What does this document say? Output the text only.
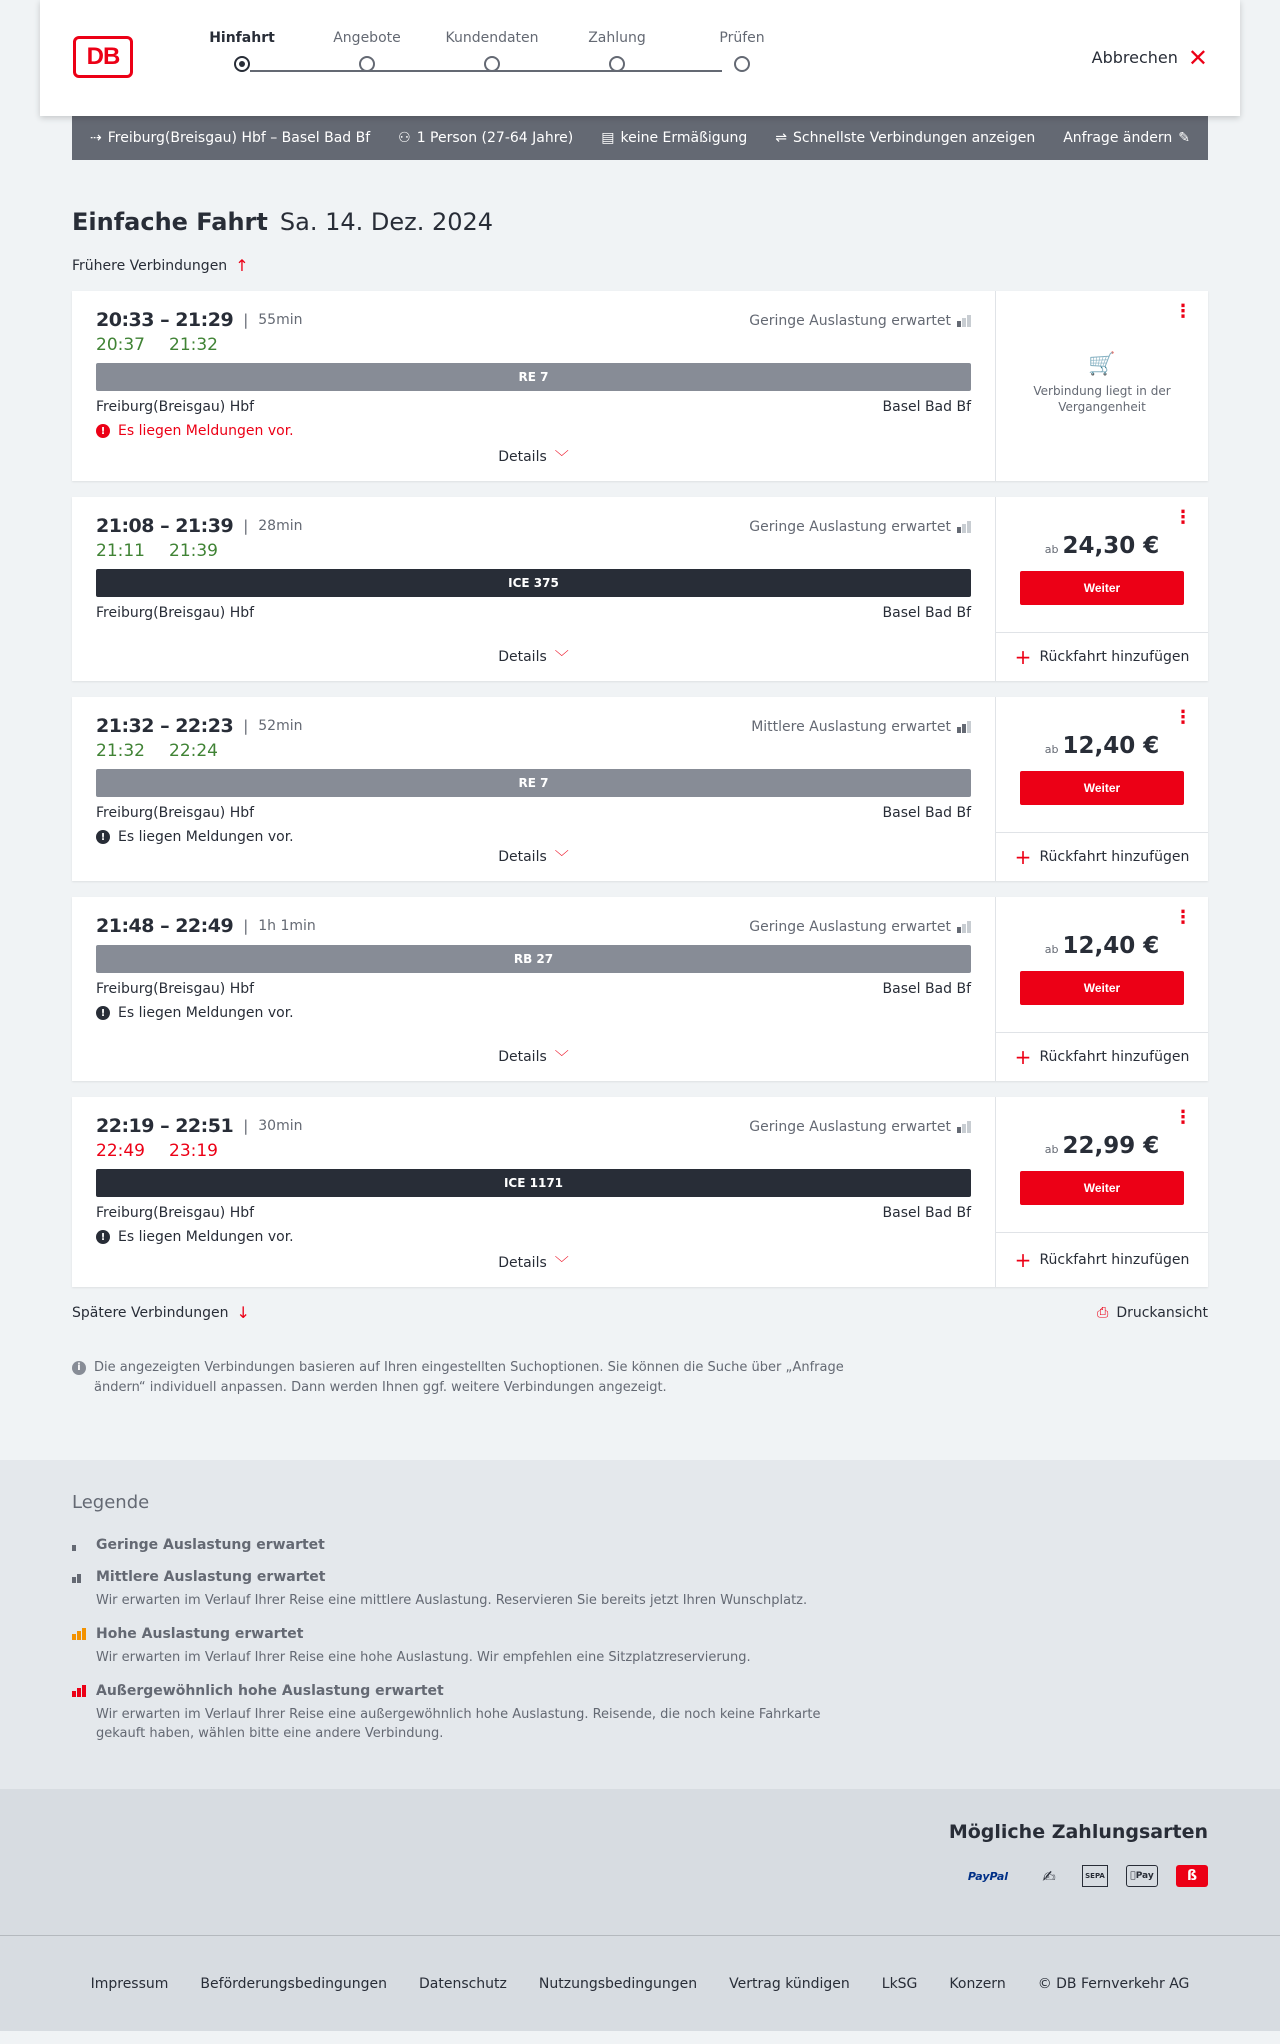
DB
Hinfahrt	Angebote	Kundendaten	Zahlung	Prüfen
Abbrechen ✕
⇢ Freiburg(Breisgau) Hbf – Basel Bad Bf ⚇ 1 Person (27-64 Jahre) ▤ keine Ermäßigung ⇌ Schnellste Verbindungen anzeigen Anfrage ändern ✎
Einfache Fahrt Sa. 14. Dez. 2024
Frühere Verbindungen ↑
20:33 – 21:29 | 55min	Geringe Auslastung erwartet
20:37 21:32
RE 7
Freiburg(Breisgau) Hbf	Basel Bad Bf
! Es liegen Meldungen vor.
Details ﹀
⋮
🛒
Verbindung liegt in der Vergangenheit
21:08 – 21:39 | 28min	Geringe Auslastung erwartet
21:11 21:39
ICE 375
Freiburg(Breisgau) Hbf	Basel Bad Bf
Details ﹀
⋮
ab 24,30 €
Weiter
+ Rückfahrt hinzufügen
21:32 – 22:23 | 52min	Mittlere Auslastung erwartet
21:32 22:24
RE 7
Freiburg(Breisgau) Hbf	Basel Bad Bf
! Es liegen Meldungen vor.
Details ﹀
⋮
ab 12,40 €
Weiter
+ Rückfahrt hinzufügen
21:48 – 22:49 | 1h 1min	Geringe Auslastung erwartet
RB 27
Freiburg(Breisgau) Hbf	Basel Bad Bf
! Es liegen Meldungen vor.
Details ﹀
⋮
ab 12,40 €
Weiter
+ Rückfahrt hinzufügen
22:19 – 22:51 | 30min	Geringe Auslastung erwartet
22:49 23:19
ICE 1171
Freiburg(Breisgau) Hbf	Basel Bad Bf
! Es liegen Meldungen vor.
Details ﹀
⋮
ab 22,99 €
Weiter
+ Rückfahrt hinzufügen
Spätere Verbindungen ↓	⎙ Druckansicht
i	Die angezeigten Verbindungen basieren auf Ihren eingestellten Suchoptionen. Sie können die Suche über „Anfrage ändern“ individuell anpassen. Dann werden Ihnen ggf. weitere Verbindungen angezeigt.
Legende
Geringe Auslastung erwartet
Mittlere Auslastung erwartet
Wir erwarten im Verlauf Ihrer Reise eine mittlere Auslastung. Reservieren Sie bereits jetzt Ihren Wunschplatz.
Hohe Auslastung erwartet
Wir erwarten im Verlauf Ihrer Reise eine hohe Auslastung. Wir empfehlen eine Sitzplatzreservierung.
Außergewöhnlich hohe Auslastung erwartet
Wir erwarten im Verlauf Ihrer Reise eine außergewöhnlich hohe Auslastung. Reisende, die noch keine Fahrkarte gekauft haben, wählen bitte eine andere Verbindung.
Mögliche Zahlungsarten
PayPal	✍	SEPA	Pay	ß
Impressum Beförderungsbedingungen Datenschutz Nutzungsbedingungen Vertrag kündigen LkSG Konzern © DB Fernverkehr AG
